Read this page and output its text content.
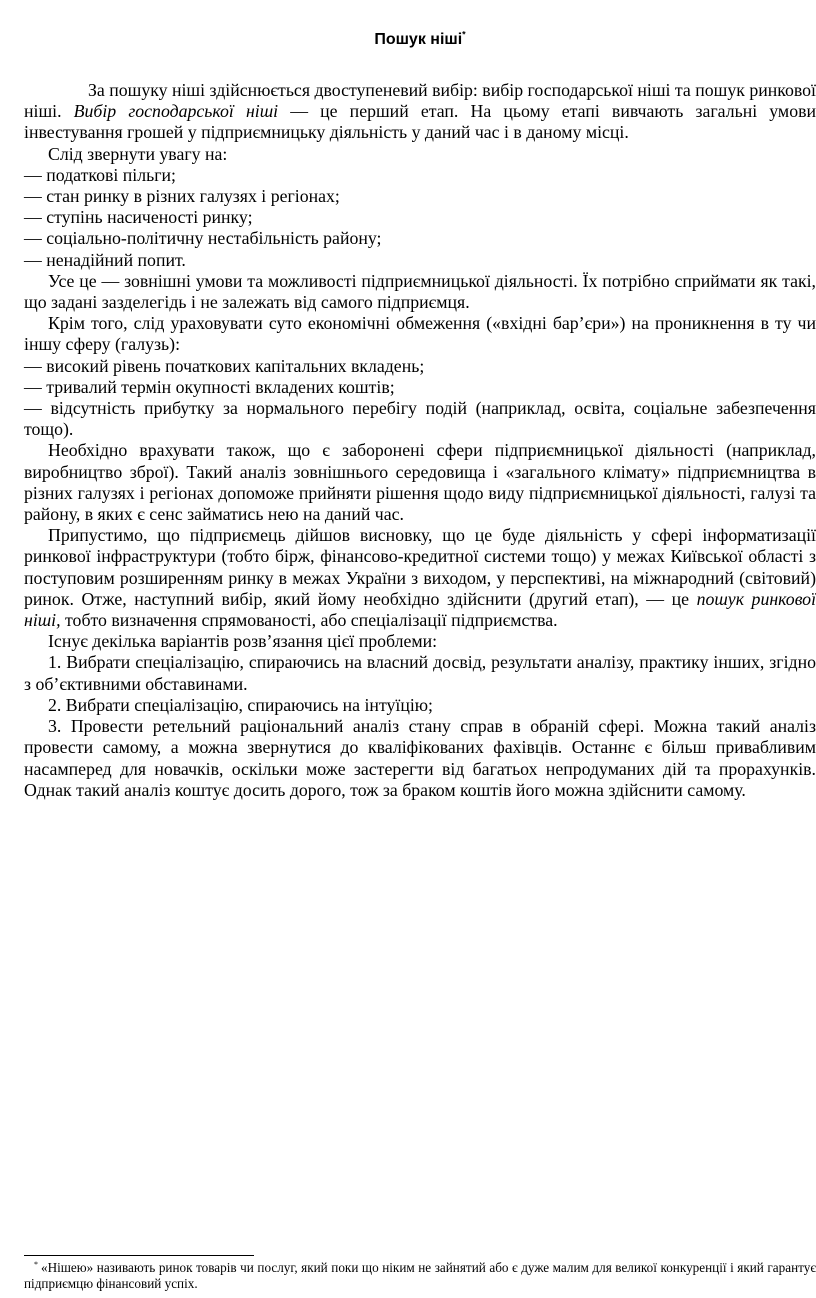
Пошук ніші*

За пошуку ніші здійснюється двоступеневий вибір: вибір господарської ніші та пошук ринкової ніші. Вибір господарської ніші — це перший етап. На цьому етапі вивчають загальні умови інвестування грошей у підприємницьку діяльність у даний час і в даному місці.

Слід звернути увагу на:

— податкові пільги;

— стан ринку в різних галузях і регіонах;

— ступінь насиченості ринку;

— соціально-політичну нестабільність району;

— ненадійний попит.

Усе це — зовнішні умови та можливості підприємницької діяльності. Їх потрібно сприймати як такі, що задані зазделегідь і не залежать від самого підприємця.

Крім того, слід ураховувати суто економічні обмеження («вхідні бар’єри») на проникнення в ту чи іншу сферу (галузь):

— високий рівень початкових капітальних вкладень;

— тривалий термін окупності вкладених коштів;

— відсутність прибутку за нормального перебігу подій (наприклад, освіта, соціальне забезпечення тощо).

Необхідно врахувати також, що є заборонені сфери підприємницької діяльності (наприклад, виробництво зброї). Такий аналіз зовнішнього середовища і «загального клімату» підприємництва в різних галузях і регіонах допоможе прийняти рішення щодо виду підприємницької діяльності, галузі та району, в яких є сенс займатись нею на даний час.

Припустимо, що підприємець дійшов висновку, що це буде діяльність у сфері інформатизації ринкової інфраструктури (тобто бірж, фінансово-кредитної системи тощо) у межах Київської області з поступовим розширенням ринку в межах України з виходом, у перспективі, на міжнародний (світовий) ринок. Отже, наступний вибір, який йому необхідно здійснити (другий етап), — це пошук ринкової ніші, тобто визначення спрямованості, або спеціалізації підприємства.

Існує декілька варіантів розв’язання цієї проблеми:

1. Вибрати спеціалізацію, спираючись на власний досвід, результати аналізу, практику інших, згідно з об’єктивними обставинами.

2. Вибрати спеціалізацію, спираючись на інтуїцію;

3. Провести ретельний раціональний аналіз стану справ в обраній сфері. Можна такий аналіз провести самому, а можна звернутися до кваліфікованих фахівців. Останнє є більш привабливим насамперед для новачків, оскільки може застерегти від багатьох непродуманих дій та прорахунків. Однак такий аналіз коштує досить дорого, тож за браком коштів його можна здійснити самому.

* «Нішею» називають ринок товарів чи послуг, який поки що ніким не зайнятий або є дуже малим для великої конкуренції і який гарантує підприємцю фінансовий успіх.
